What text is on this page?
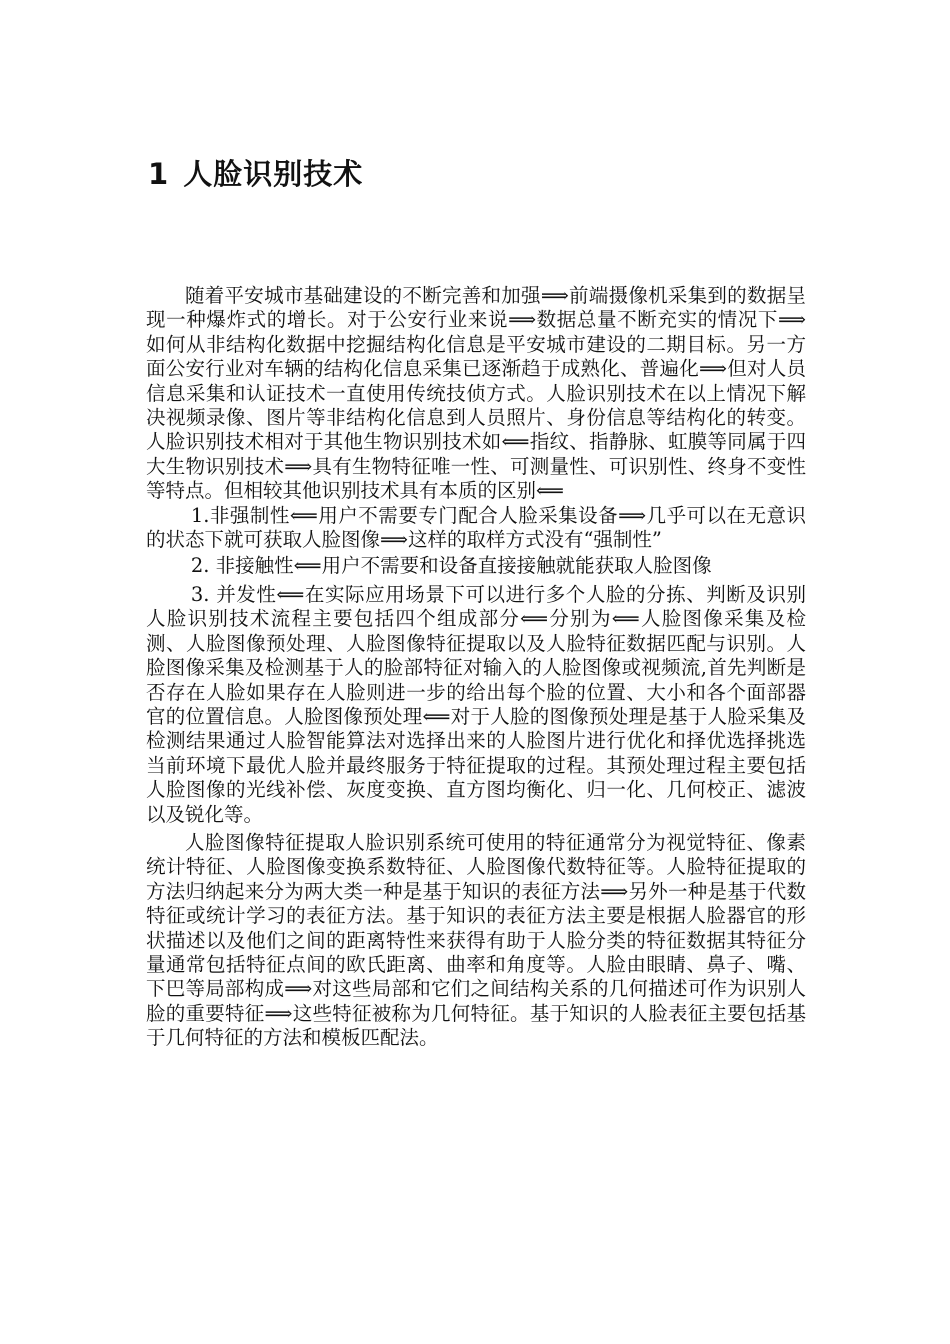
1 人脸识别技术

随着平安城市基础建设的不断完善和加强⟹前端摄像机采集到的数据呈现一种爆炸式的增长。对于公安行业来说⟹数据总量不断充实的情况下⟹如何从非结构化数据中挖掘结构化信息是平安城市建设的二期目标。另一方面公安行业对车辆的结构化信息采集已逐渐趋于成熟化、普遍化⟹但对人员信息采集和认证技术一直使用传统技侦方式。人脸识别技术在以上情况下解决视频录像、图片等非结构化信息到人员照片、身份信息等结构化的转变。人脸识别技术相对于其他生物识别技术如⟸指纹、指静脉、虹膜等同属于四大生物识别技术⟹具有生物特征唯一性、可测量性、可识别性、终身不变性等特点。但相较其他识别技术具有本质的区别⟸

1.非强制性⟸用户不需要专门配合人脸采集设备⟹几乎可以在无意识的状态下就可获取人脸图像⟹这样的取样方式没有“强制性”

2. 非接触性⟸用户不需要和设备直接接触就能获取人脸图像

3. 并发性⟸在实际应用场景下可以进行多个人脸的分拣、判断及识别人脸识别技术流程主要包括四个组成部分⟸分别为⟸人脸图像采集及检测、人脸图像预处理、人脸图像特征提取以及人脸特征数据匹配与识别。人脸图像采集及检测基于人的脸部特征对输入的人脸图像或视频流,首先判断是否存在人脸如果存在人脸则进一步的给出每个脸的位置、大小和各个面部器官的位置信息。人脸图像预处理⟸对于人脸的图像预处理是基于人脸采集及检测结果通过人脸智能算法对选择出来的人脸图片进行优化和择优选择挑选当前环境下最优人脸并最终服务于特征提取的过程。其预处理过程主要包括人脸图像的光线补偿、灰度变换、直方图均衡化、归一化、几何校正、滤波以及锐化等。

人脸图像特征提取人脸识别系统可使用的特征通常分为视觉特征、像素统计特征、人脸图像变换系数特征、人脸图像代数特征等。人脸特征提取的方法归纳起来分为两大类一种是基于知识的表征方法⟹另外一种是基于代数特征或统计学习的表征方法。基于知识的表征方法主要是根据人脸器官的形状描述以及他们之间的距离特性来获得有助于人脸分类的特征数据其特征分量通常包括特征点间的欧氏距离、曲率和角度等。人脸由眼睛、鼻子、嘴、下巴等局部构成⟹对这些局部和它们之间结构关系的几何描述可作为识别人脸的重要特征⟹这些特征被称为几何特征。基于知识的人脸表征主要包括基于几何特征的方法和模板匹配法。
